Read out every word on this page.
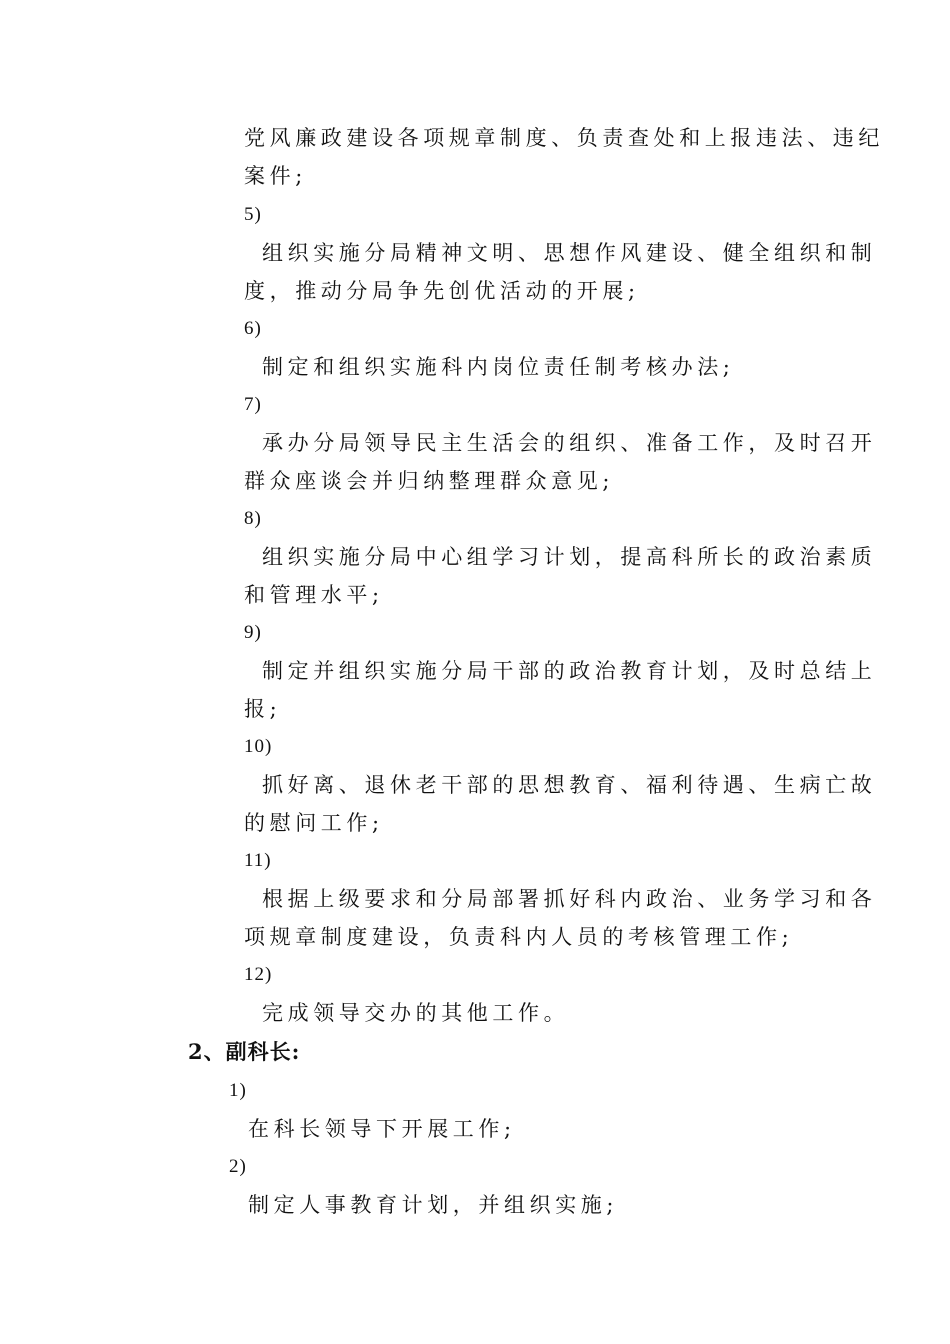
党风廉政建设各项规章制度、负责查处和上报违法、违纪
案件;
5)
组织实施分局精神文明、思想作风建设、健全组织和制
度，推动分局争先创优活动的开展;
6)
制定和组织实施科内岗位责任制考核办法;
7)
承办分局领导民主生活会的组织、准备工作，及时召开
群众座谈会并归纳整理群众意见;
8)
组织实施分局中心组学习计划，提高科所长的政治素质
和管理水平;
9)
制定并组织实施分局干部的政治教育计划，及时总结上
报;
10)
抓好离、退休老干部的思想教育、福利待遇、生病亡故
的慰问工作;
11)
根据上级要求和分局部署抓好科内政治、业务学习和各
项规章制度建设，负责科内人员的考核管理工作;
12)
完成领导交办的其他工作。
2、副科长:
1)
在科长领导下开展工作;
2)
制定人事教育计划，并组织实施;
